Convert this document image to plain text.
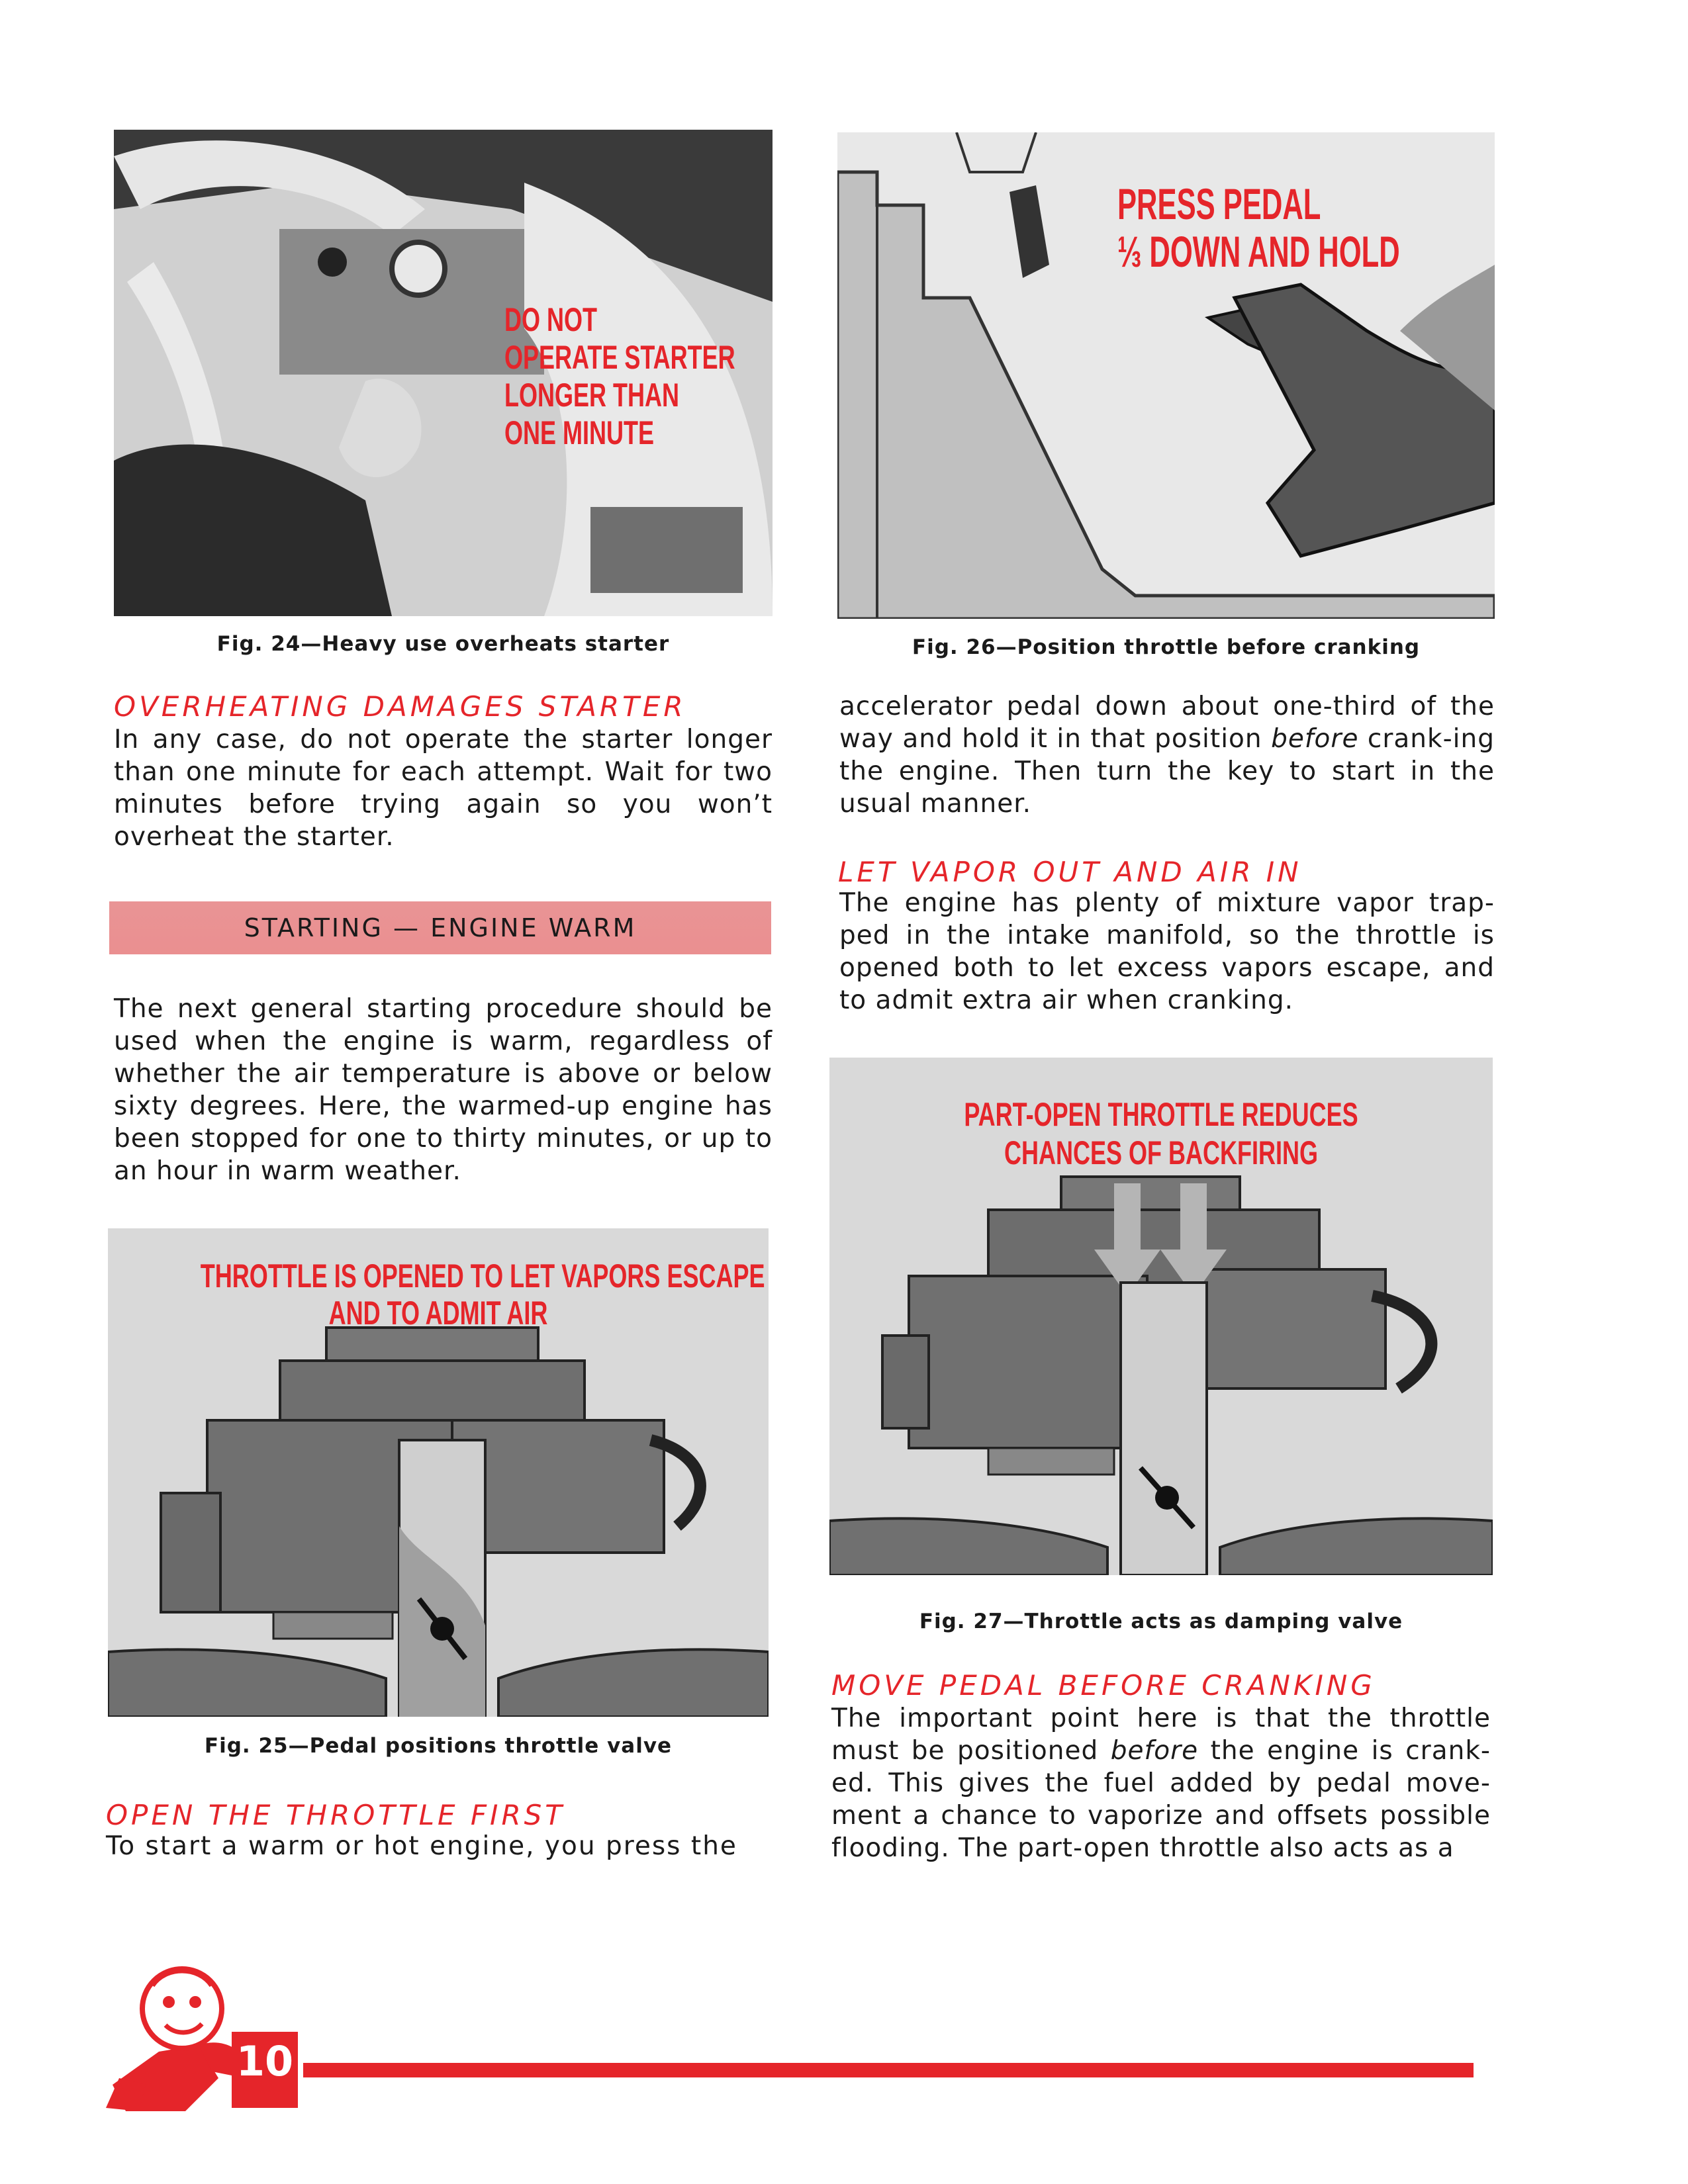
DO NOT
OPERATE STARTER
LONGER THAN
ONE MINUTE
Fig. 24—Heavy use overheats starter
PRESS PEDAL
⅓ DOWN AND HOLD
Fig. 26—Position throttle before cranking
OVERHEATING DAMAGES STARTER
In any case, do not operate the starter longer than one minute for each attempt. Wait for two minutes before trying again so you won’t overheat the starter.
STARTING — ENGINE WARM
The next general starting procedure should be used when the engine is warm, regardless of whether the air temperature is above or below sixty degrees. Here, the warmed-up engine has been stopped for one to thirty minutes, or up to an hour in warm weather.
THROTTLE IS OPENED TO LET VAPORS ESCAPE
AND TO ADMIT AIR
Fig. 25—Pedal positions throttle valve
OPEN THE THROTTLE FIRST
To start a warm or hot engine, you press the
accelerator pedal down about one-third of the way and hold it in that position before crank-ing the engine. Then turn the key to start in the usual manner.
LET VAPOR OUT AND AIR IN
The engine has plenty of mixture vapor trap-ped in the intake manifold, so the throttle is opened both to let excess vapors escape, and to admit extra air when cranking.
PART-OPEN THROTTLE REDUCES
CHANCES OF BACKFIRING
Fig. 27—Throttle acts as damping valve
MOVE PEDAL BEFORE CRANKING
The important point here is that the throttle must be positioned before the engine is crank-ed. This gives the fuel added by pedal move-ment a chance to vaporize and offsets possible flooding. The part-open throttle also acts as a
10
